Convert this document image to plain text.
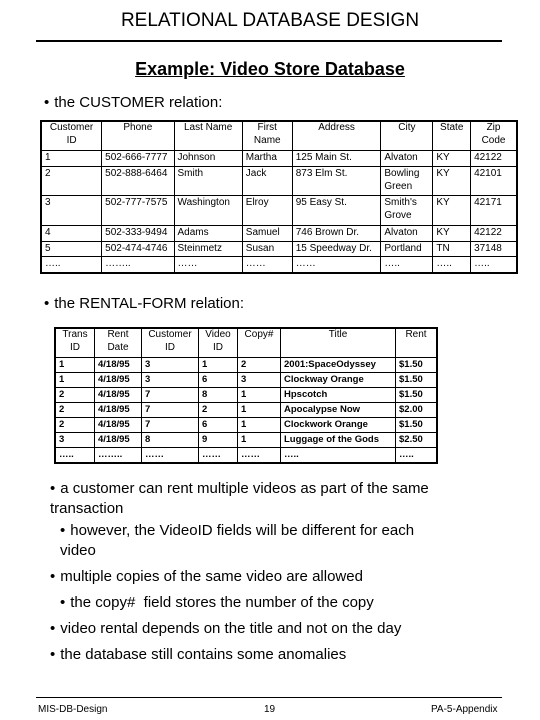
RELATIONAL DATABASE DESIGN
Example: Video Store Database
• the CUSTOMER relation:
Customer ID	Phone	Last Name	First Name	Address	City	State	Zip Code
1	502-666-7777	Johnson	Martha	125 Main St.	Alvaton	KY	42122
2	502-888-6464	Smith	Jack	873 Elm St.	Bowling Green	KY	42101
3	502-777-7575	Washington	Elroy	95 Easy St.	Smith's Grove	KY	42171
4	502-333-9494	Adams	Samuel	746 Brown Dr.	Alvaton	KY	42122
5	502-474-4746	Steinmetz	Susan	15 Speedway Dr.	Portland	TN	37148
…..	……..	……	……	……	…..	…..	…..
• the RENTAL-FORM relation:
Trans ID	Rent Date	Customer ID	Video ID	Copy#	Title	Rent
1	4/18/95	3	1	2	2001:SpaceOdyssey	$1.50
1	4/18/95	3	6	3	Clockway Orange	$1.50
2	4/18/95	7	8	1	Hpscotch	$1.50
2	4/18/95	7	2	1	Apocalypse Now	$2.00
2	4/18/95	7	6	1	Clockwork Orange	$1.50
3	4/18/95	8	9	1	Luggage of the Gods	$2.50
…..	……..	……	……	……	…..	…..
• a customer can rent multiple videos as part of the same transaction
• however, the VideoID fields will be different for each video
• multiple copies of the same video are allowed
• the copy#  field stores the number of the copy
• video rental depends on the title and not on the day
• the database still contains some anomalies
MIS-DB-Design	19	PA-5-Appendix
